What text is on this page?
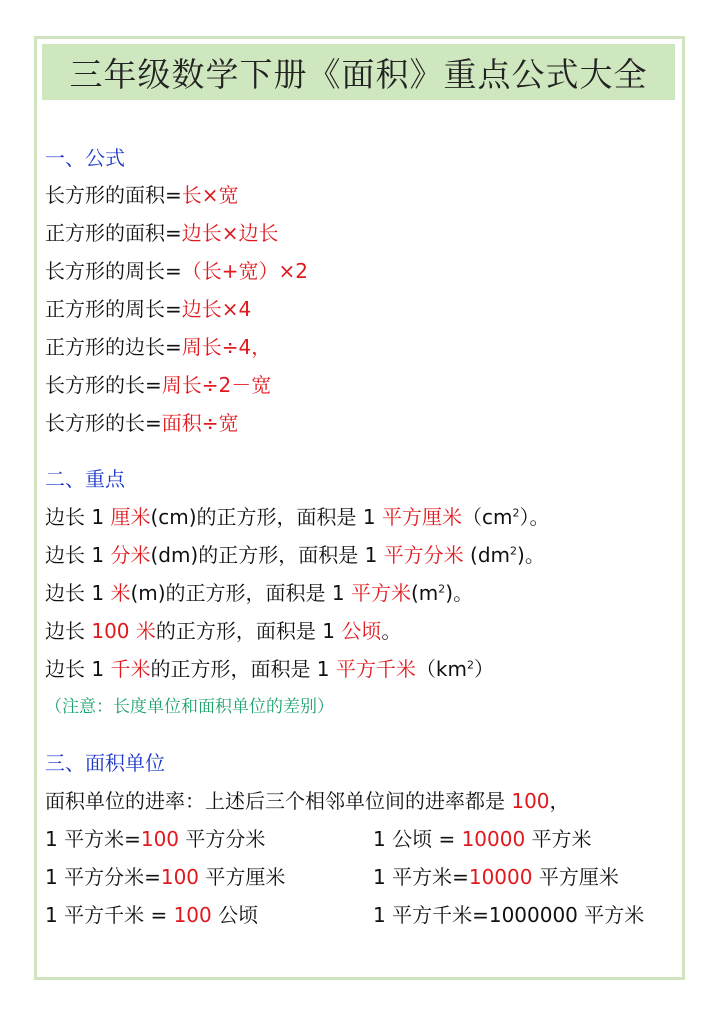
三年级数学下册《面积》重点公式大全
一、公式
长方形的面积=长×宽
正方形的面积=边长×边长
长方形的周长=（长+宽）×2
正方形的周长=边长×4
正方形的边长=周长÷4，
长方形的长=周长÷2－宽
长方形的长=面积÷宽
二、重点
边长 1 厘米(cm)的正方形，面积是 1 平方厘米$(cm^2)$。
边长 1 分米(dm)的正方形，面积是 1 平方分米 $(dm^2)$。
边长 1 米(m)的正方形，面积是 1 平方米$(m^2)$。
边长 100 米的正方形，面积是 1 公顷。
边长 1 千米的正方形，面积是 1 平方千米$(km^2)$
（注意：长度单位和面积单位的差别）
三、面积单位
面积单位的进率：上述后三个相邻单位间的进率都是 100，
1 平方米=100 平方分米	1 公顷 = 10000 平方米
1 平方分米=100 平方厘米	1 平方米=10000 平方厘米
1 平方千米 = 100 公顷	1 平方千米=1000000 平方米
